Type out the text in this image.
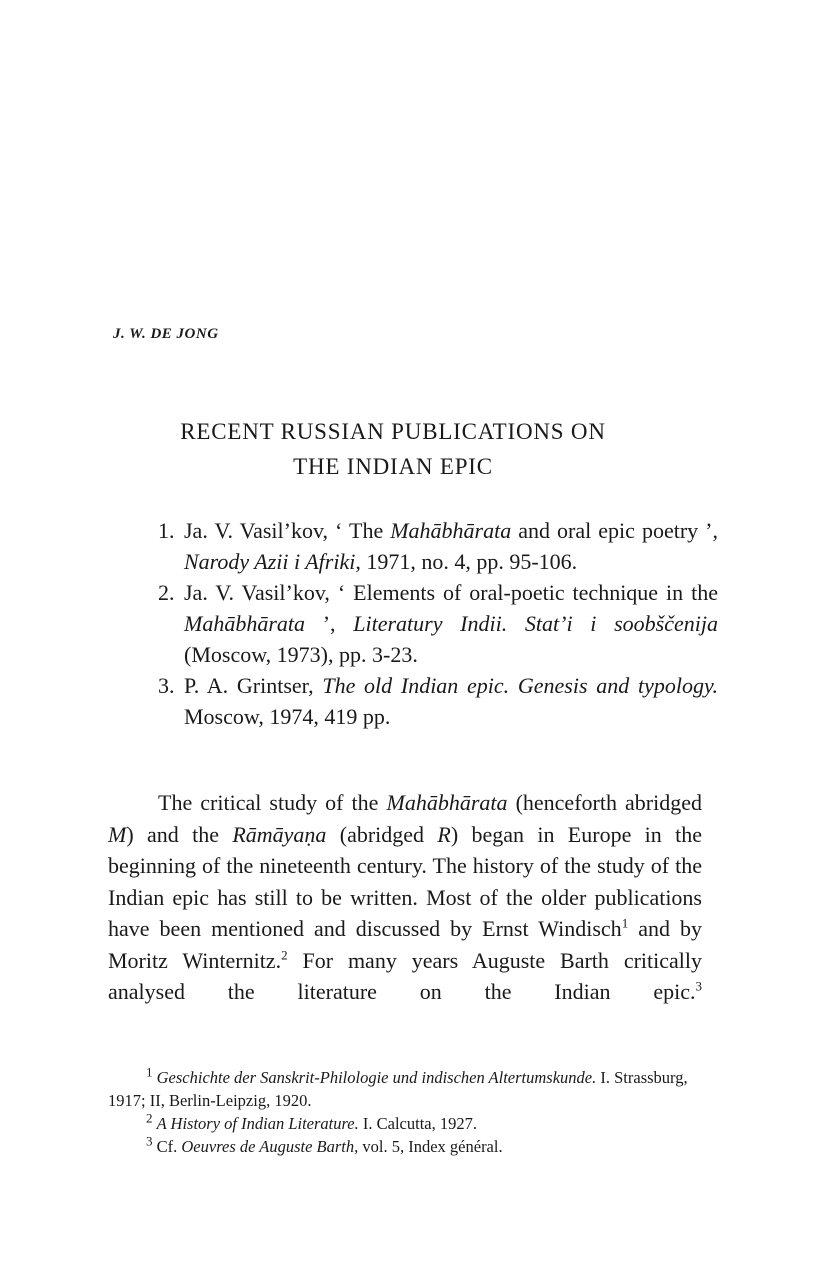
J. W. DE JONG
RECENT RUSSIAN PUBLICATIONS ON
THE INDIAN EPIC
1. Ja. V. Vasil’kov, ‘ The Mahābhārata and oral epic poetry ’, Narody Azii i Afriki, 1971, no. 4, pp. 95-106.
2. Ja. V. Vasil’kov, ‘ Elements of oral-poetic technique in the Mahābhārata ’, Literatury Indii. Stat’i i soobščenija (Moscow, 1973), pp. 3-23.
3. P. A. Grintser, The old Indian epic. Genesis and typology. Moscow, 1974, 419 pp.

The critical study of the Mahābhārata (henceforth abridged M) and the Rāmāyaṇa (abridged R) began in Europe in the beginning of the nineteenth century. The history of the study of the Indian epic has still to be written. Most of the older publications have been mentioned and discussed by Ernst Windisch$^1$ and by Moritz Winternitz.$^2$ For many years Auguste Barth critically analysed the literature on the Indian epic.$^3$

$^1$ Geschichte der Sanskrit-Philologie und indischen Altertumskunde. I. Strassburg, 1917; II, Berlin-Leipzig, 1920.
$^2$ A History of Indian Literature. I. Calcutta, 1927.
$^3$ Cf. Oeuvres de Auguste Barth, vol. 5, Index général.
